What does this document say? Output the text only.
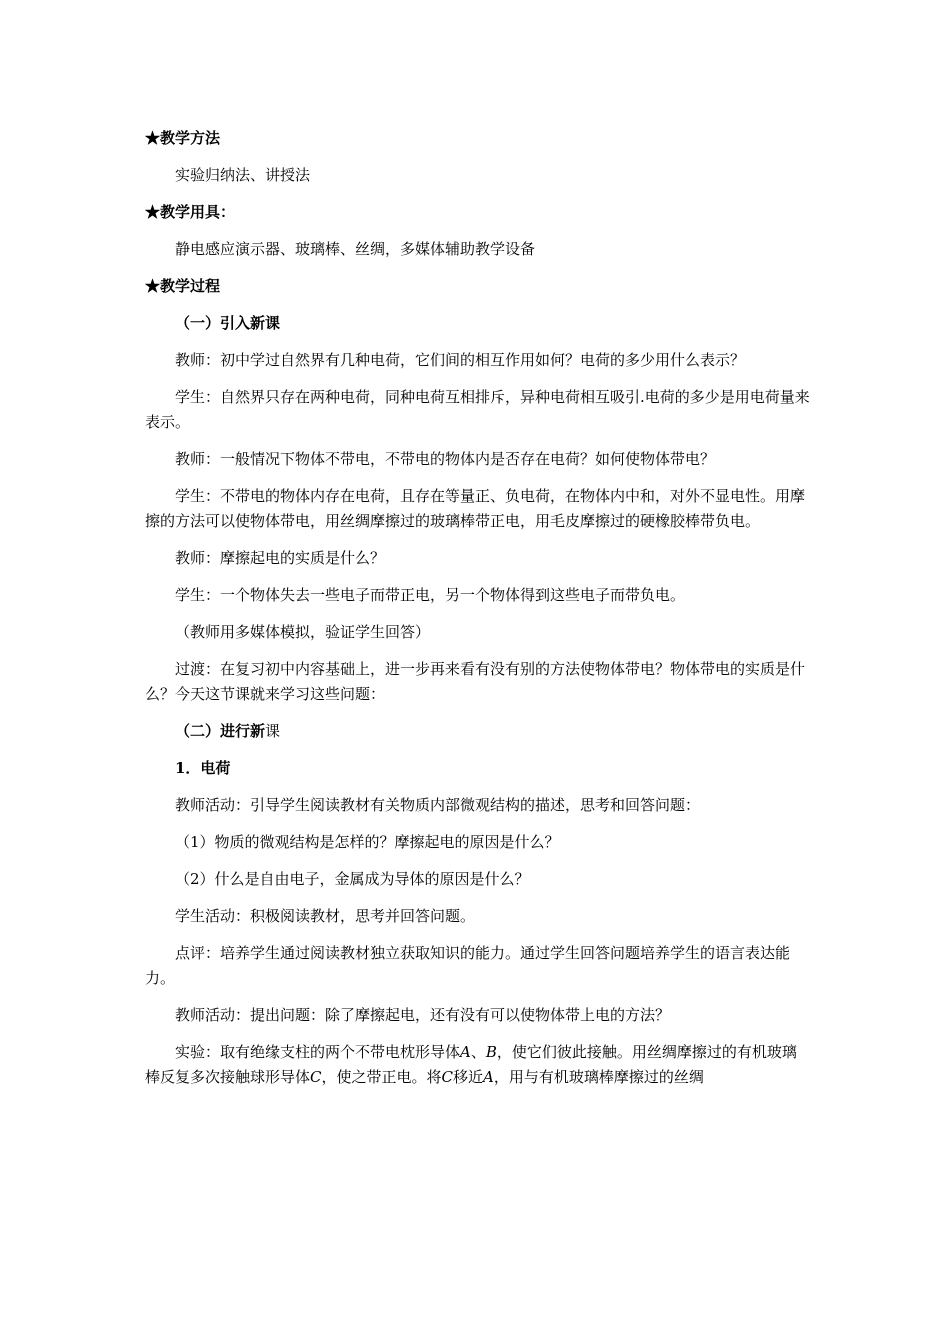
★教学方法
实验归纳法、讲授法
★教学用具：
静电感应演示器、玻璃棒、丝绸，多媒体辅助教学设备
★教学过程
（一）引入新课
教师：初中学过自然界有几种电荷，它们间的相互作用如何？电荷的多少用什么表示？
学生：自然界只存在两种电荷，同种电荷互相排斥，异种电荷相互吸引.电荷的多少是用电荷量来表示。
教师：一般情况下物体不带电，不带电的物体内是否存在电荷？如何使物体带电？
学生：不带电的物体内存在电荷，且存在等量正、负电荷，在物体内中和，对外不显电性。用摩擦的方法可以使物体带电，用丝绸摩擦过的玻璃棒带正电，用毛皮摩擦过的硬橡胶棒带负电。
教师：摩擦起电的实质是什么？
学生：一个物体失去一些电子而带正电，另一个物体得到这些电子而带负电。
（教师用多媒体模拟，验证学生回答）
过渡：在复习初中内容基础上，进一步再来看有没有别的方法使物体带电？物体带电的实质是什么？今天这节课就来学习这些问题：
（二）进行新课
1．电荷
教师活动：引导学生阅读教材有关物质内部微观结构的描述，思考和回答问题：
（1）物质的微观结构是怎样的？摩擦起电的原因是什么？
（2）什么是自由电子，金属成为导体的原因是什么？
学生活动：积极阅读教材，思考并回答问题。
点评：培养学生通过阅读教材独立获取知识的能力。通过学生回答问题培养学生的语言表达能力。
教师活动：提出问题：除了摩擦起电，还有没有可以使物体带上电的方法？
实验：取有绝缘支柱的两个不带电枕形导体A、B，使它们彼此接触。用丝绸摩擦过的有机玻璃棒反复多次接触球形导体C，使之带正电。将C移近A，用与有机玻璃棒摩擦过的丝绸
